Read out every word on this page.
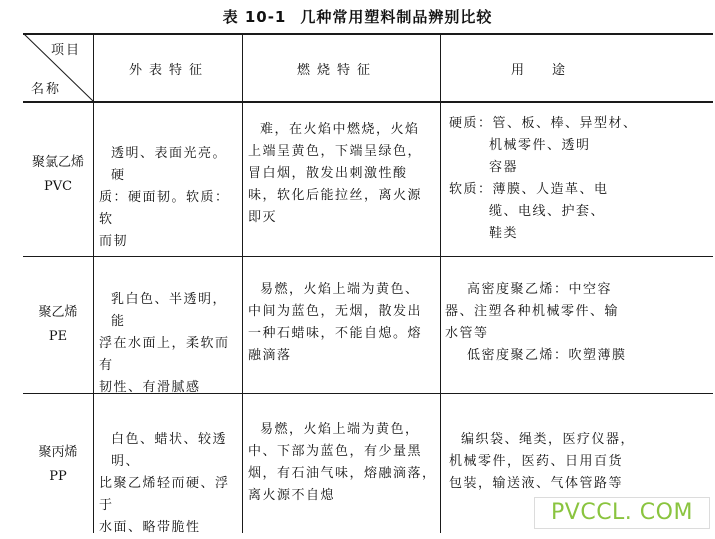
表 10-1 几种常用塑料制品辨别比较
项目
名称
外表特征	燃烧特征	用途
聚氯乙烯
PVC
透明、表面光亮。硬
质：硬面韧。软质：软
而韧
难，在火焰中燃烧，火焰
上端呈黄色，下端呈绿色，
冒白烟，散发出刺激性酸
味，软化后能拉丝，离火源
即灭
硬质：管、板、棒、异型材、
机械零件、透明
容器
软质：薄膜、人造革、电
缆、电线、护套、
鞋类
聚乙烯
PE
乳白色、半透明，能
浮在水面上，柔软而有
韧性、有滑腻感
易燃，火焰上端为黄色、
中间为蓝色，无烟，散发出
一种石蜡味，不能自熄。熔
融滴落
高密度聚乙烯：中空容
器、注塑各种机械零件、输
水管等
低密度聚乙烯：吹塑薄膜
聚丙烯
PP
白色、蜡状、较透明、
比聚乙烯轻而硬、浮于
水面、略带脆性
易燃，火焰上端为黄色，
中、下部为蓝色，有少量黑
烟，有石油气味，熔融滴落，
离火源不自熄
编织袋、绳类，医疗仪器，
机械零件，医药、日用百货
包装，输送液、气体管路等
PVCCL. COM
